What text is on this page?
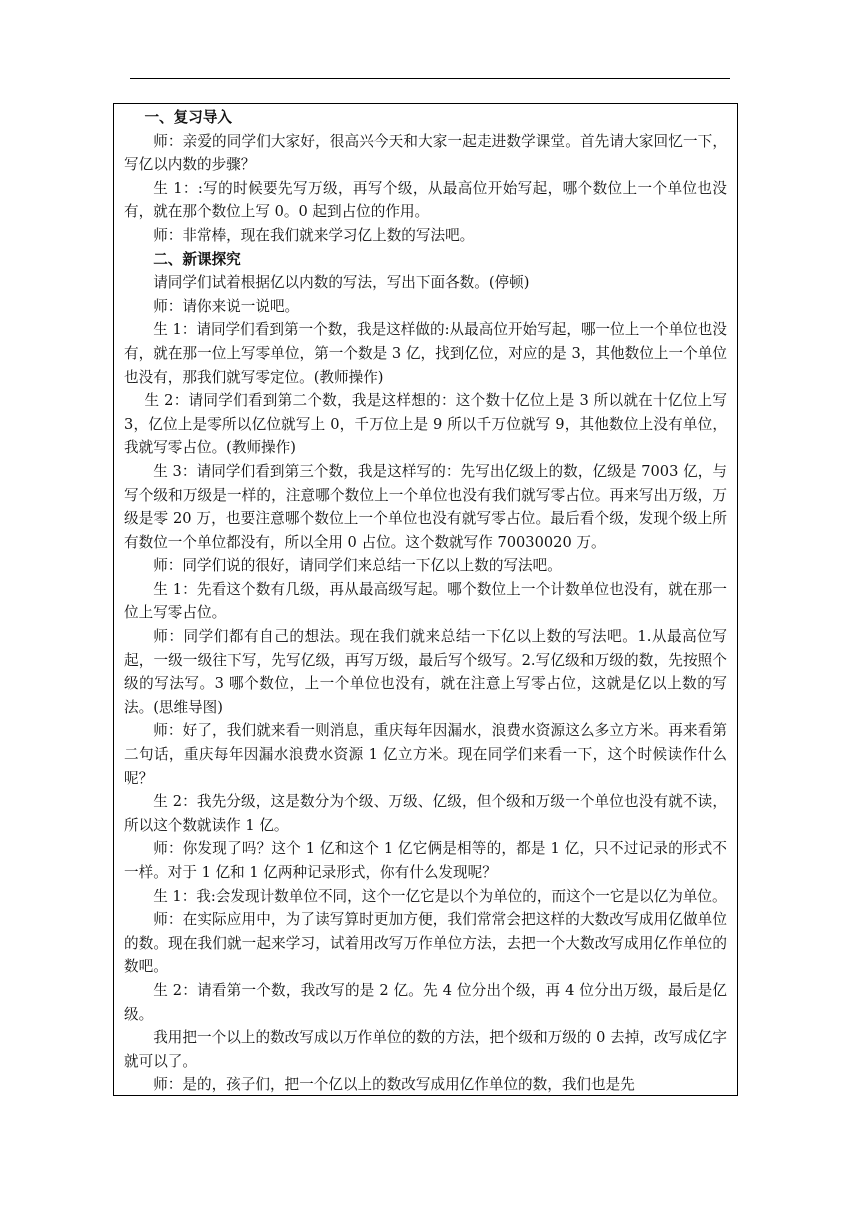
一、复习导入

师：亲爱的同学们大家好，很高兴今天和大家一起走进数学课堂。首先请大家回忆一下，写亿以内数的步骤？

生 1：:写的时候要先写万级，再写个级，从最高位开始写起，哪个数位上一个单位也没有，就在那个数位上写 0。0 起到占位的作用。

师：非常棒，现在我们就来学习亿上数的写法吧。

二、新课探究

请同学们试着根据亿以内数的写法，写出下面各数。(停顿)

师：请你来说一说吧。

生 1：请同学们看到第一个数，我是这样做的:从最高位开始写起，哪一位上一个单位也没有，就在那一位上写零单位，第一个数是 3 亿，找到亿位，对应的是 3，其他数位上一个单位也没有，那我们就写零定位。(教师操作)

生 2：请同学们看到第二个数，我是这样想的：这个数十亿位上是 3 所以就在十亿位上写 3，亿位上是零所以亿位就写上 0，千万位上是 9 所以千万位就写 9，其他数位上没有单位，我就写零占位。(教师操作)

生 3：请同学们看到第三个数，我是这样写的：先写出亿级上的数，亿级是 7003 亿，与写个级和万级是一样的，注意哪个数位上一个单位也没有我们就写零占位。再来写出万级，万级是零 20 万，也要注意哪个数位上一个单位也没有就写零占位。最后看个级，发现个级上所有数位一个单位都没有，所以全用 0 占位。这个数就写作 70030020 万。

师：同学们说的很好，请同学们来总结一下亿以上数的写法吧。

生 1：先看这个数有几级，再从最高级写起。哪个数位上一个计数单位也没有，就在那一位上写零占位。

师：同学们都有自己的想法。现在我们就来总结一下亿以上数的写法吧。1.从最高位写起，一级一级往下写，先写亿级，再写万级，最后写个级写。2.写亿级和万级的数，先按照个级的写法写。3 哪个数位，上一个单位也没有，就在注意上写零占位，这就是亿以上数的写法。(思维导图)

师：好了，我们就来看一则消息，重庆每年因漏水，浪费水资源这么多立方米。再来看第二句话，重庆每年因漏水浪费水资源 1 亿立方米。现在同学们来看一下，这个时候读作什么呢？

生 2：我先分级，这是数分为个级、万级、亿级，但个级和万级一个单位也没有就不读，所以这个数就读作 1 亿。

师：你发现了吗？这个 1 亿和这个 1 亿它俩是相等的，都是 1 亿，只不过记录的形式不一样。对于 1 亿和 1 亿两种记录形式，你有什么发现呢？

生 1：我:会发现计数单位不同，这个一亿它是以个为单位的，而这个一它是以亿为单位。

师：在实际应用中，为了读写算时更加方便，我们常常会把这样的大数改写成用亿做单位的数。现在我们就一起来学习，试着用改写万作单位方法，去把一个大数改写成用亿作单位的数吧。

生 2：请看第一个数，我改写的是 2 亿。先 4 位分出个级，再 4 位分出万级，最后是亿级。

我用把一个以上的数改写成以万作单位的数的方法，把个级和万级的 0 去掉，改写成亿字就可以了。

师：是的，孩子们，把一个亿以上的数改写成用亿作单位的数，我们也是先
